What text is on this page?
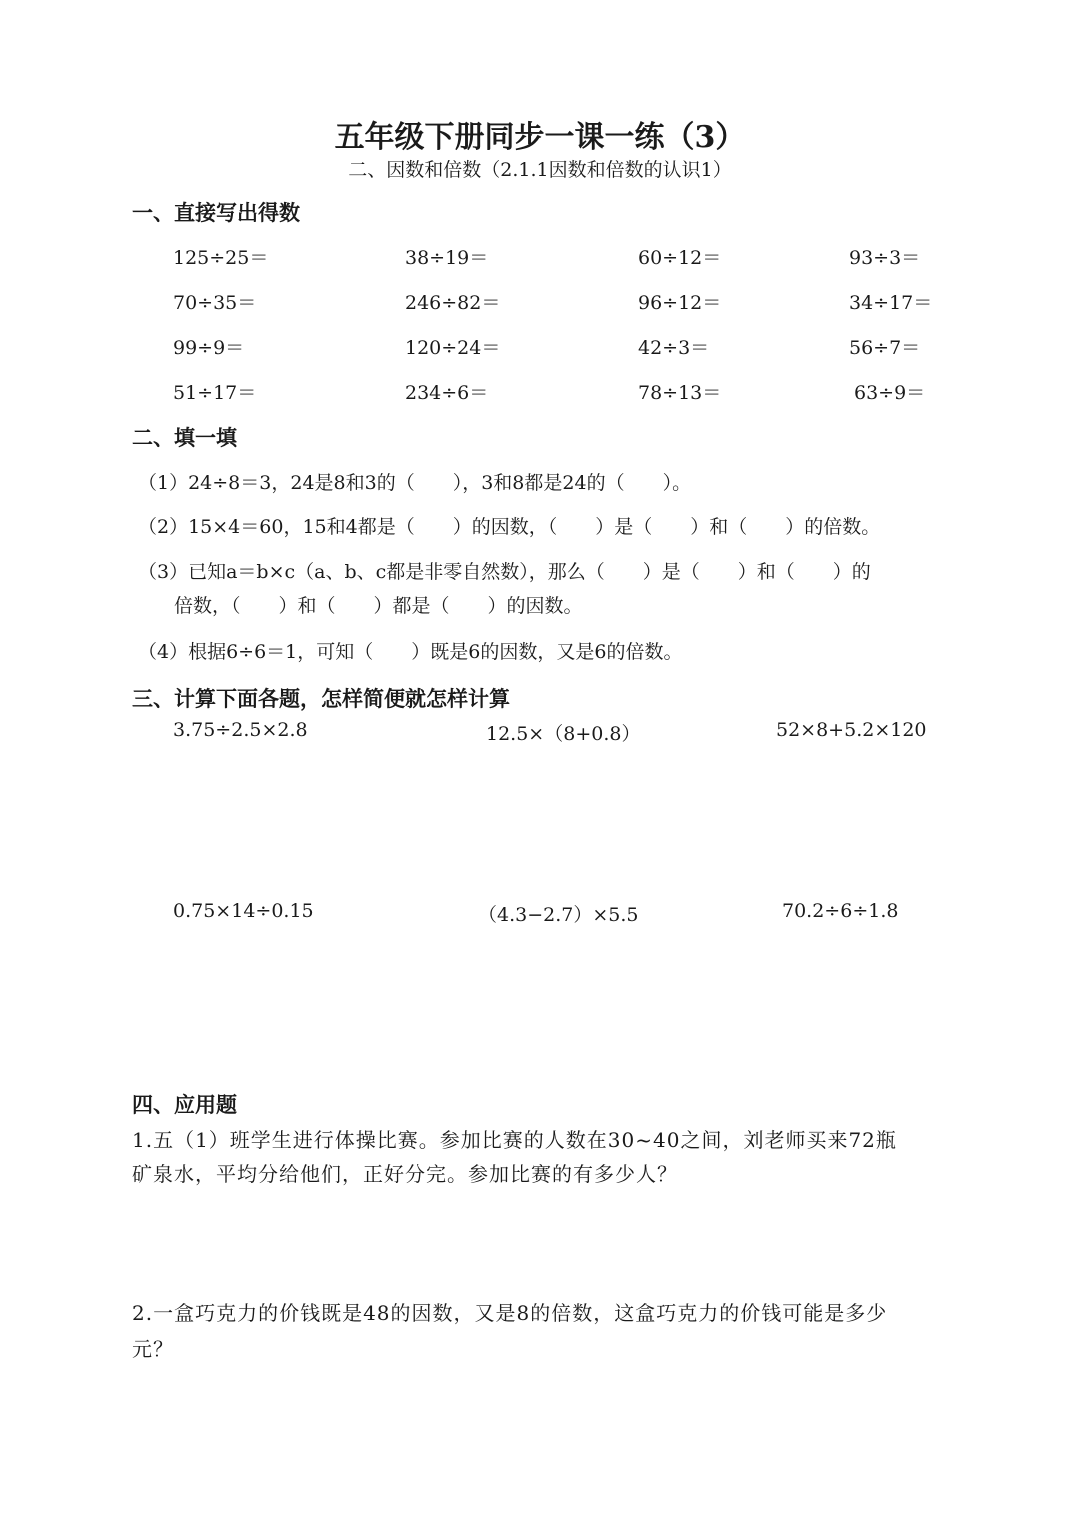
五年级下册同步一课一练（3）
二、因数和倍数（2.1.1因数和倍数的认识1）
一、直接写出得数
125÷25＝	38÷19＝	60÷12＝	93÷3＝
70÷35＝	246÷82＝	96÷12＝	34÷17＝
99÷9＝	120÷24＝	42÷3＝	56÷7＝
51÷17＝	234÷6＝	78÷13＝	63÷9＝
二、填一填
（1）24÷8＝3，24是8和3的（　　），3和8都是24的（　　）。
（2）15×4＝60，15和4都是（　　）的因数，（　　）是（　　）和（　　）的倍数。
（3）已知a＝b×c（a、b、c都是非零自然数），那么（　　）是（　　）和（　　）的
倍数，（　　）和（　　）都是（　　）的因数。
（4）根据6÷6＝1，可知（　　）既是6的因数，又是6的倍数。
三、计算下面各题，怎样简便就怎样计算
3.75÷2.5×2.8	12.5×（8+0.8）	52×8+5.2×120
0.75×14÷0.15	（4.3−2.7）×5.5	70.2÷6÷1.8
四、应用题
1.五（1）班学生进行体操比赛。参加比赛的人数在30~40之间，刘老师买来72瓶
矿泉水，平均分给他们，正好分完。参加比赛的有多少人？
2.一盒巧克力的价钱既是48的因数，又是8的倍数，这盒巧克力的价钱可能是多少
元？
